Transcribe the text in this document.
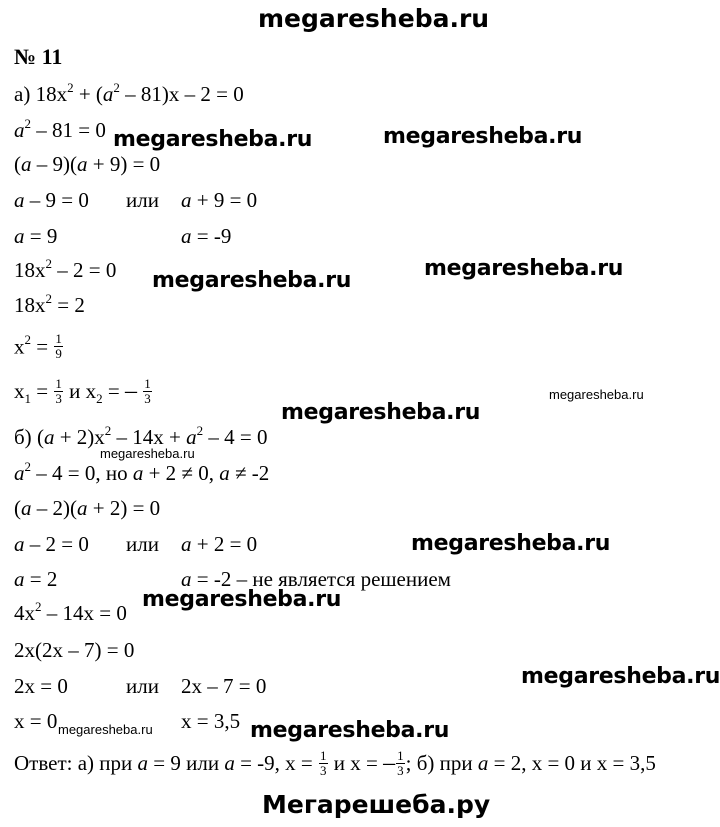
megaresheba.ru
Мегарешеба.ру
megaresheba.ru	megaresheba.ru
megaresheba.ru	megaresheba.ru
megaresheba.ru
megaresheba.ru
megaresheba.ru
megaresheba.ru
megaresheba.ru
megaresheba.ru
megaresheba.ru	megaresheba.ru
№ 11
а) $18x^2 + (a^2 - 81)x - 2 = 0$
$a^2 - 81 = 0$
(a – 9)(a + 9) = 0
a – 9 = 0 или a + 9 = 0
a = 9	a = -9
$18x^2 - 2 = 0$
$18x^2 = 2$
$x^2 = \frac{1}{9}$
$x_1 = \frac{1}{3}$ и $x_2$ = – $\frac{1}{3}$
б) $(a + 2)x^2 - 14x + a^2 - 4 = 0$
$a^2 - 4 = 0$, но a + 2 ≠ 0, a ≠ -2
(a – 2)(a + 2) = 0
a – 2 = 0 или a + 2 = 0
a = 2	a = -2 – не является решением
$4x^2 - 14x = 0$
2x(2x – 7) = 0
2x = 0	или 2x – 7 = 0
x = 0	x = 3,5
Ответ: а) при a = 9 или a = -9, $x = \frac{1}{3}$ и x = – $\frac{1}{3}$ ; б) при a = 2, x = 0 и x = 3,5
